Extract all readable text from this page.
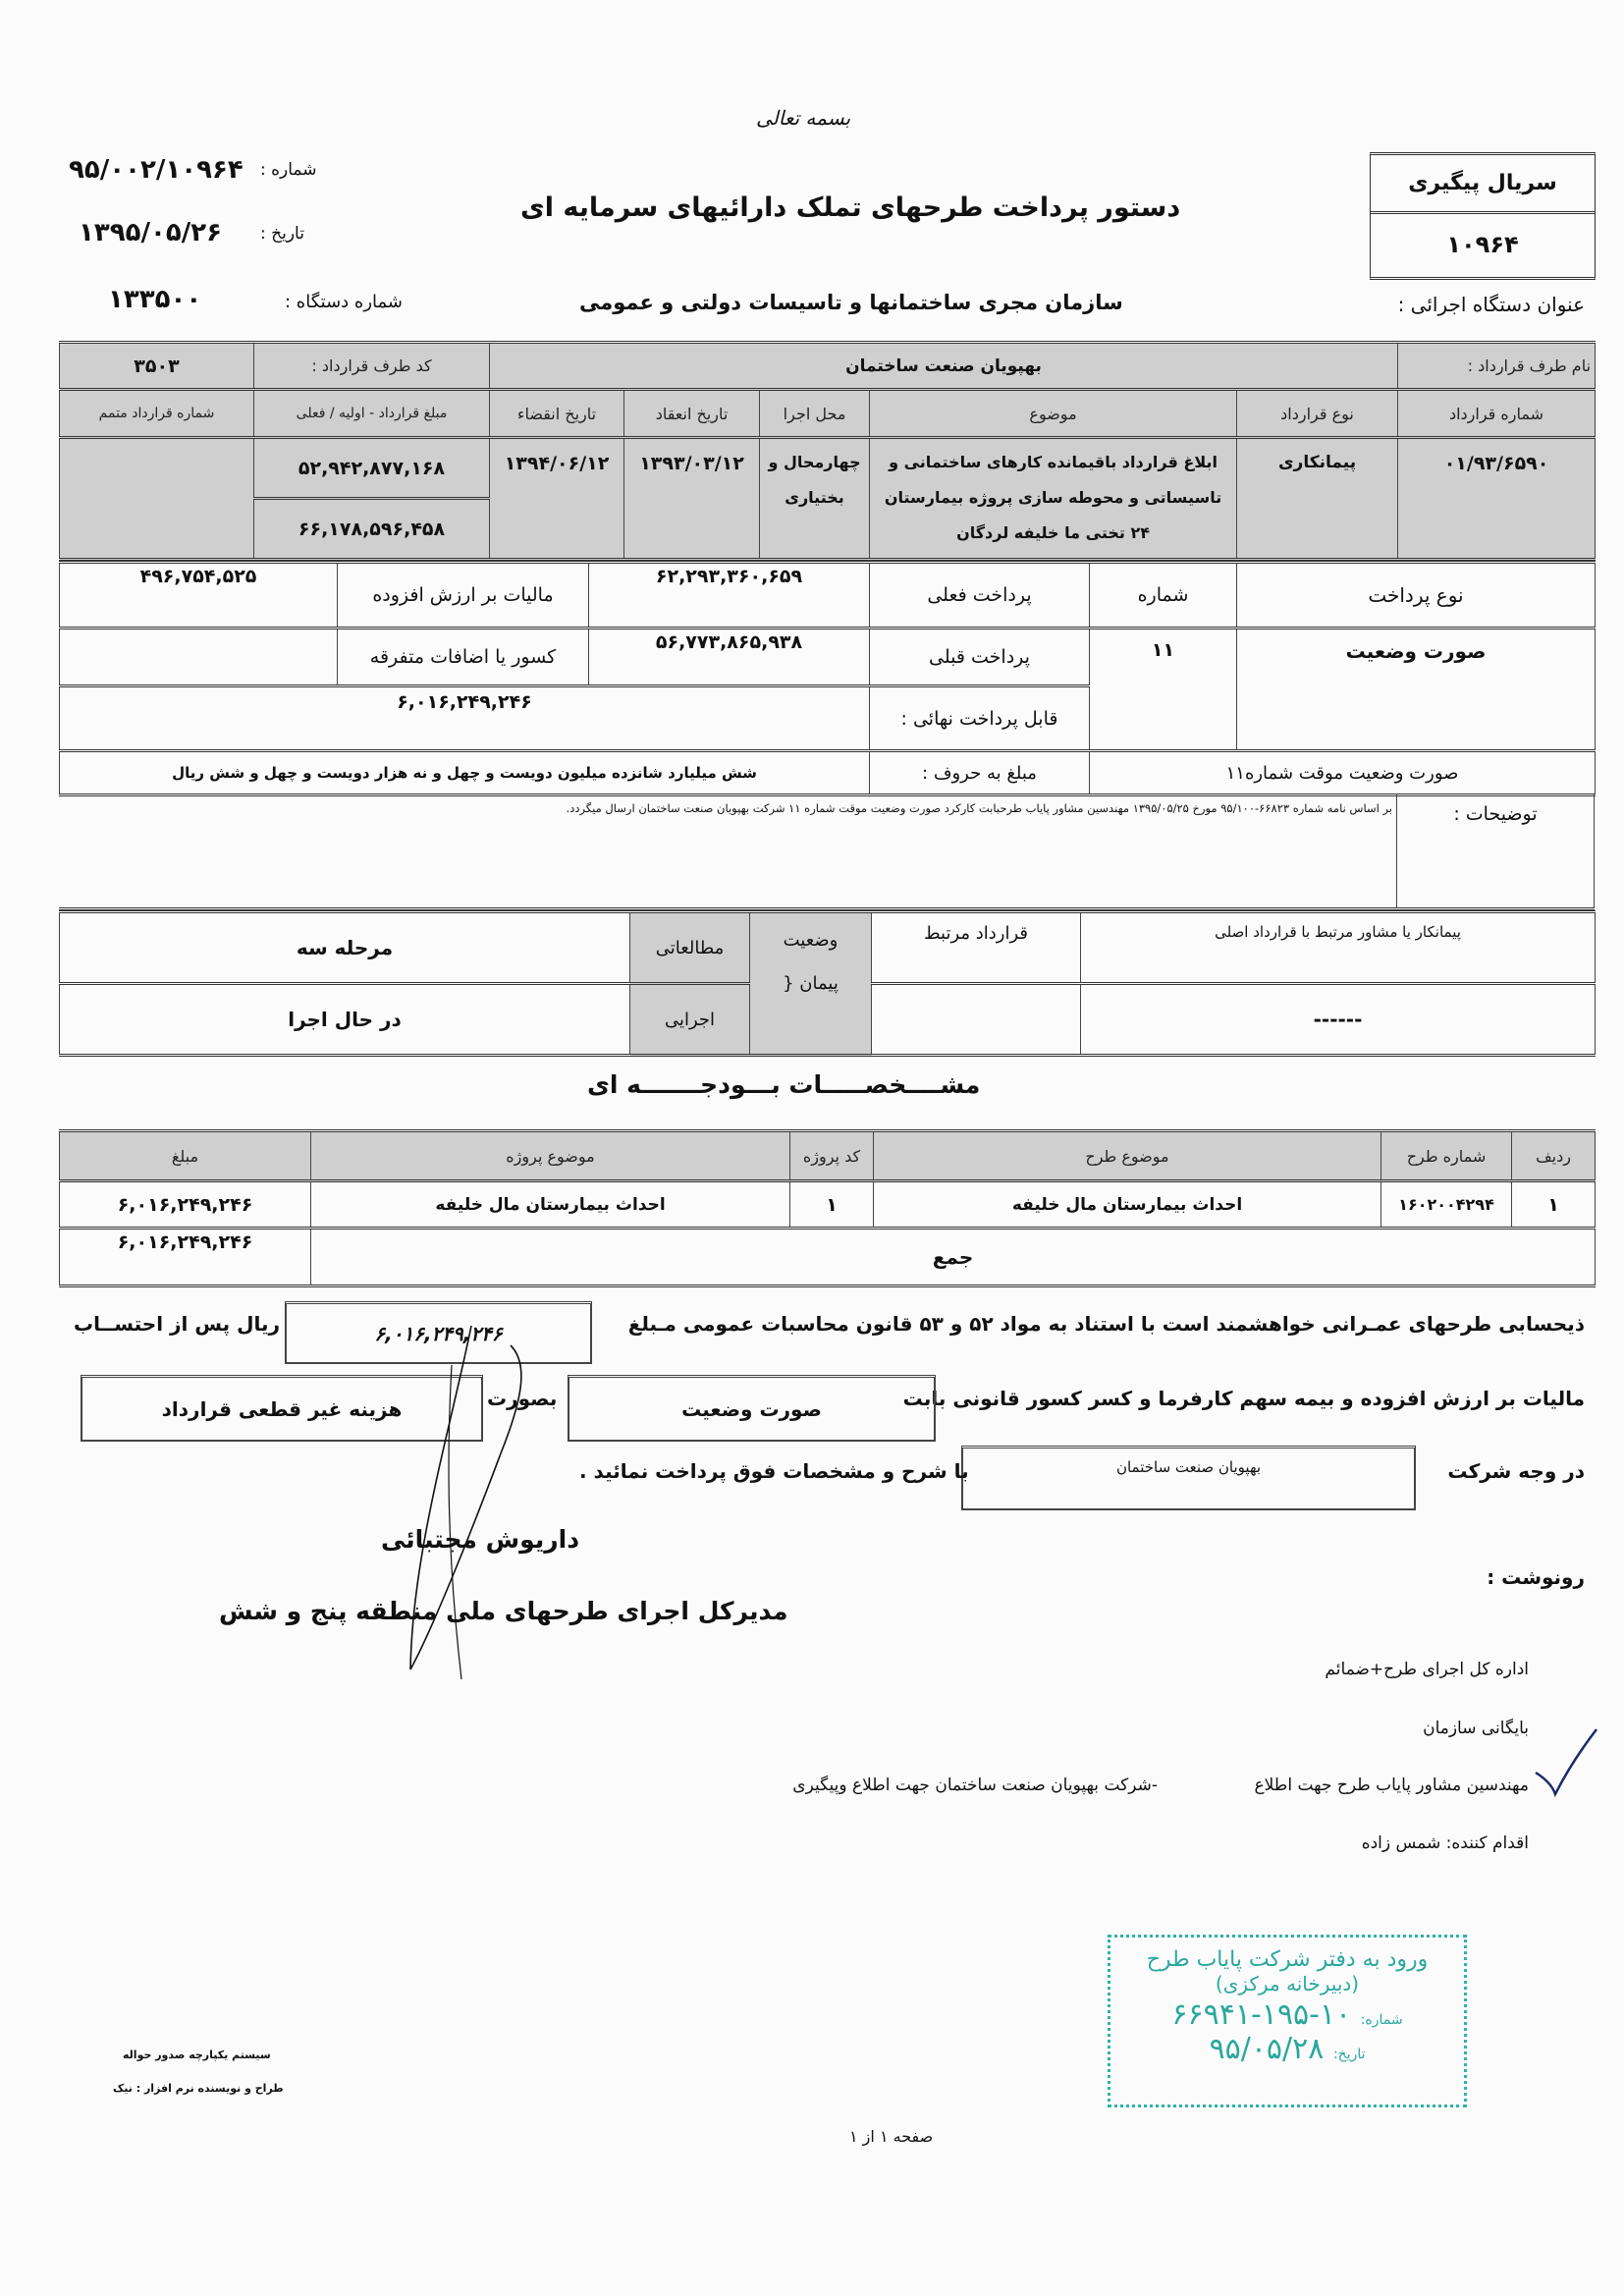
بسمه تعالی
دستور پرداخت طرحهای تملک دارائیهای سرمایه ای
شماره :
۹۵/۰۰۲/۱۰۹۶۴
تاریخ :
۱۳۹۵/۰۵/۲۶
شماره دستگاه :
۱۳۳۵۰۰
سریال پیگیری
۱۰۹۶۴
عنوان دستگاه اجرائی :
سازمان مجری ساختمانها و تاسیسات دولتی و عمومی
نام طرف قرارداد :	بهپویان صنعت ساختمان					کد طرف قرارداد :	۳۵۰۳
شماره قرارداد	نوع قرارداد	موضوع	محل اجرا	تاریخ انعقاد	تاریخ انقضاء	مبلغ قرارداد - اولیه / فعلی	شماره قرارداد متمم
۰۱/۹۳/۶۵۹۰	پیمانکاری	ابلاغ قرارداد باقیمانده کارهای ساختمانی و تاسیساتی و محوطه سازی پروژه بیمارستان ۲۴ تختی ما خلیفه لردگان	چهارمحال و بختیاری	۱۳۹۳/۰۳/۱۲	۱۳۹۴/۰۶/۱۲	۵۲,۹۴۲,۸۷۷,۱۶۸	
						۶۶,۱۷۸,۵۹۶,۴۵۸	
نوع پرداخت	شماره	پرداخت فعلی	۶۲,۲۹۳,۳۶۰,۶۵۹	مالیات بر ارزش افزوده	۴۹۶,۷۵۴,۵۲۵
صورت وضعیت	۱۱	پرداخت قبلی	۵۶,۷۷۳,۸۶۵,۹۳۸	کسور یا اضافات متفرقه	
		قابل پرداخت نهائی :	۶,۰۱۶,۲۴۹,۲۴۶		
صورت وضعیت موقت شماره۱۱		مبلغ به حروف :	شش میلیارد شانزده میلیون دویست و چهل و نه هزار دویست و چهل و شش ریال		
توضیحات :	بر اساس نامه شماره ۶۶۸۲۳-۹۵/۱۰۰ مورخ ۱۳۹۵/۰۵/۲۵ مهندسین مشاور پایاب طرحبابت کارکرد صورت وضعیت موقت شماره ۱۱ شرکت بهپویان صنعت ساختمان ارسال میگردد.
پیمانکار یا مشاور مرتبط با قرارداد اصلی	قرارداد مرتبط	وضعیت
پیمان {	مطالعاتی	مرحله سه
------			اجرایی	در حال اجرا
مشــــخصـــــات بـــودجـــــــه ای
ردیف	شماره طرح	موضوع طرح	کد پروژه	موضوع پروژه	مبلغ
۱	۱۶۰۲۰۰۴۲۹۴	احداث بیمارستان مال خلیفه	۱	احداث بیمارستان مال خلیفه	۶,۰۱۶,۲۴۹,۲۴۶
جمع					۶,۰۱۶,۲۴۹,۲۴۶
ذیحسابی طرحهای عمـرانی خواهشمند است با استناد به مواد ۵۲ و ۵۳ قانون محاسبات عمومی مـبلغ
۶,۰۱۶,۲۴۹,۲۴۶
ریال پس از احتســاب
مالیات بر ارزش افزوده و بیمه سهم کارفرما و کسر کسور قانونی بابت
صورت وضعیت
بصورت
هزینه غیر قطعی قرارداد
در وجه شرکت
بهپویان صنعت ساختمان
با شرح و مشخصات فوق پرداخت نمائید .
داریوش مجتبائی
مدیرکل اجرای طرحهای ملی منطقه پنج و شش
رونوشت :
اداره کل اجرای طرح+ضمائم
بایگانی سازمان
مهندسین مشاور پایاب طرح جهت اطلاع
-شرکت بهپویان صنعت ساختمان جهت اطلاع وپیگیری
اقدام کننده: شمس زاده
ورود به دفتر شرکت پایاب طرح
(دبیرخانه مرکزی)
شماره: ۱۰-۱۹۵-۶۶۹۴۱
تاریخ: ۹۵/۰۵/۲۸
سیستم یکپارچه صدور حواله
طراح و نویسنده نرم افزار : نیک
صفحه ۱ از ۱
